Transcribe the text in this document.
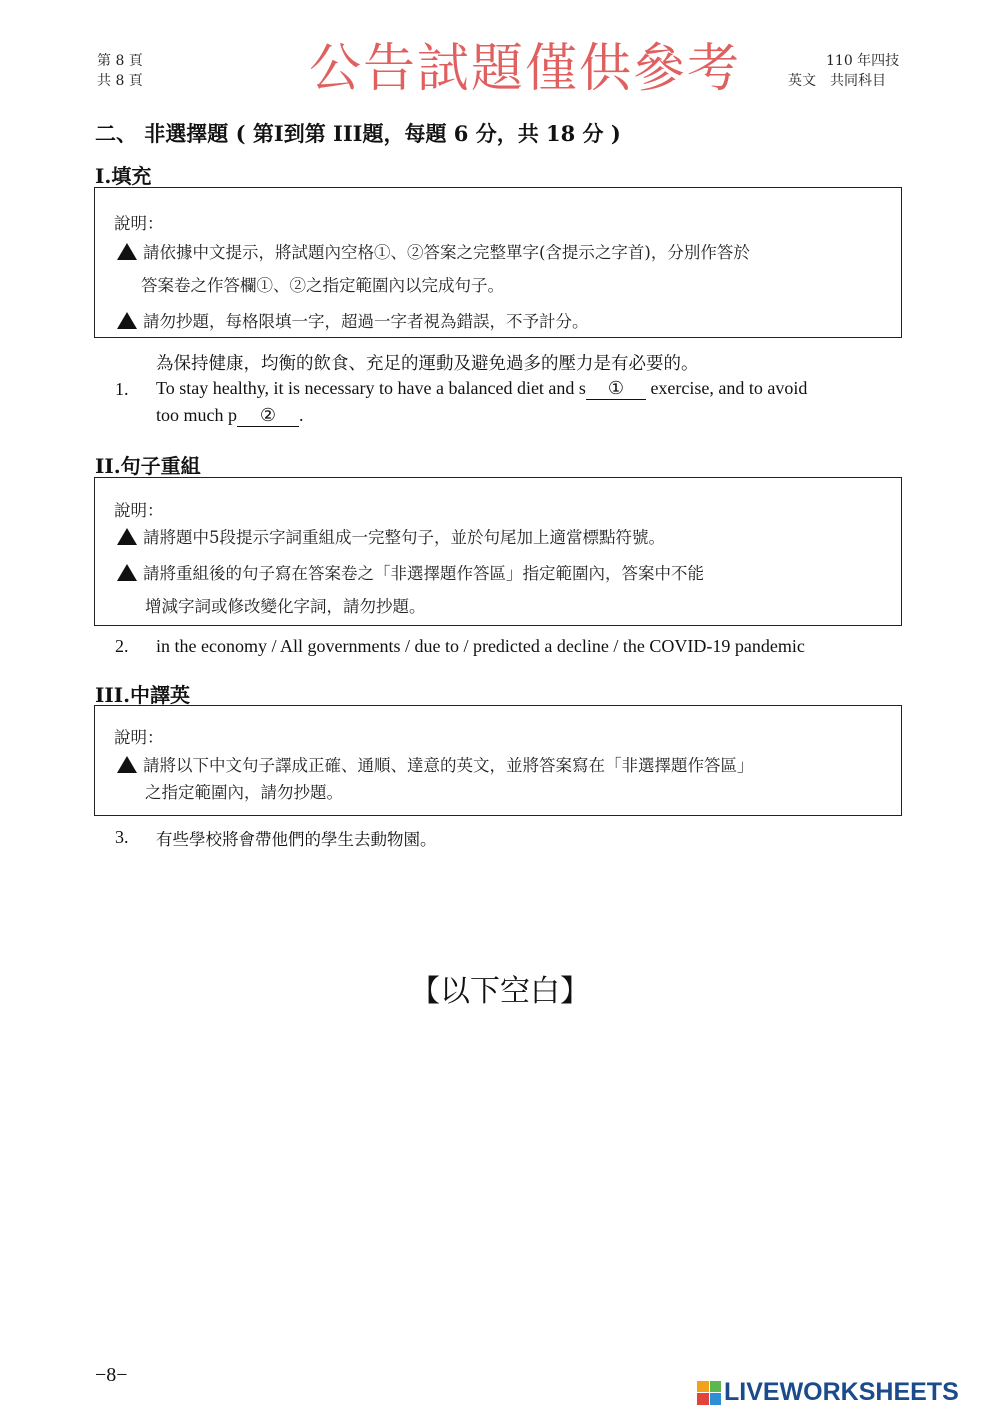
第 8 頁
共 8 頁	公告試題僅供參考	110 年四技
英文　共同科目
二、 非選擇題 ( 第I到第 III題，每題 6 分，共 18 分 )
I.填充
說明：
請依據中文提示，將試題內空格①、②答案之完整單字(含提示之字首)，分別作答於
答案卷之作答欄①、②之指定範圍內以完成句子。
請勿抄題，每格限填一字，超過一字者視為錯誤，不予計分。
為保持健康，均衡的飲食、充足的運動及避免過多的壓力是有必要的。
1. To stay healthy, it is necessary to have a balanced diet and s ① exercise, and to avoid
too much p ② .
II.句子重組
說明：
請將題中5段提示字詞重組成一完整句子，並於句尾加上適當標點符號。
請將重組後的句子寫在答案卷之「非選擇題作答區」指定範圍內，答案中不能
增減字詞或修改變化字詞，請勿抄題。
2. in the economy / All governments / due to / predicted a decline / the COVID-19 pandemic
III.中譯英
說明：
請將以下中文句子譯成正確、通順、達意的英文，並將答案寫在「非選擇題作答區」
之指定範圍內，請勿抄題。
3. 有些學校將會帶他們的學生去動物園。
【以下空白】
−8−
LIVEWORKSHEETS
